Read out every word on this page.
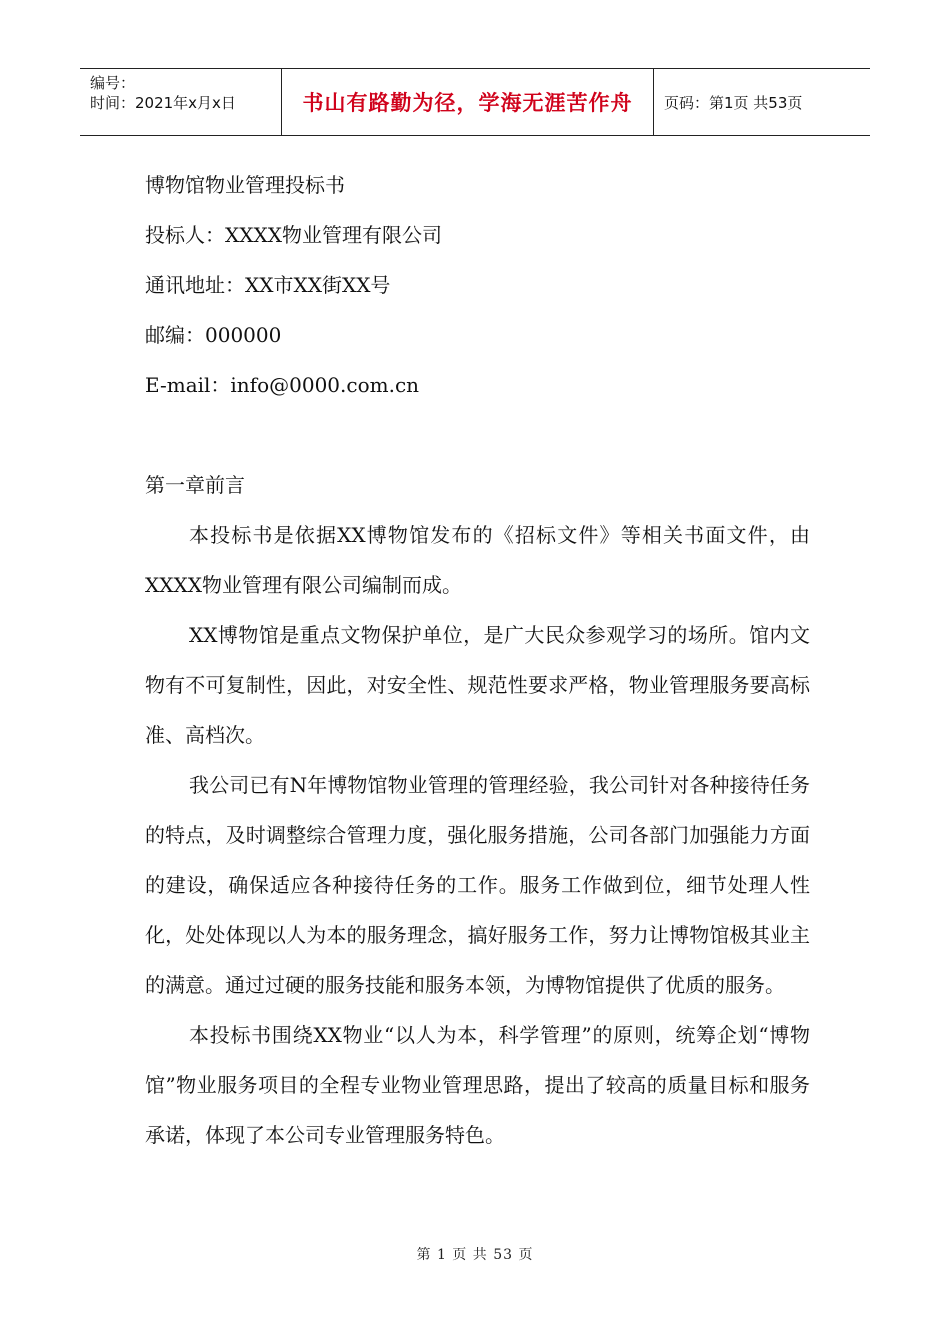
编号：
时间：2021年x月x日	书山有路勤为径，学海无涯苦作舟	页码：第1页 共53页

博物馆物业管理投标书

投标人：XXXX物业管理有限公司

通讯地址：XX市XX街XX号

邮编：000000

E-mail：info@0000.com.cn

第一章前言

本投标书是依据XX博物馆发布的《招标文件》等相关书面文件，由XXXX物业管理有限公司编制而成。

XX博物馆是重点文物保护单位，是广大民众参观学习的场所。馆内文物有不可复制性，因此，对安全性、规范性要求严格，物业管理服务要高标准、高档次。

我公司已有N年博物馆物业管理的管理经验，我公司针对各种接待任务的特点，及时调整综合管理力度，强化服务措施，公司各部门加强能力方面的建设，确保适应各种接待任务的工作。服务工作做到位，细节处理人性化，处处体现以人为本的服务理念，搞好服务工作，努力让博物馆极其业主的满意。通过过硬的服务技能和服务本领，为博物馆提供了优质的服务。

本投标书围绕XX物业“以人为本，科学管理”的原则，统筹企划“博物馆”物业服务项目的全程专业物业管理思路，提出了较高的质量目标和服务承诺，体现了本公司专业管理服务特色。

第 1 页 共 53 页
